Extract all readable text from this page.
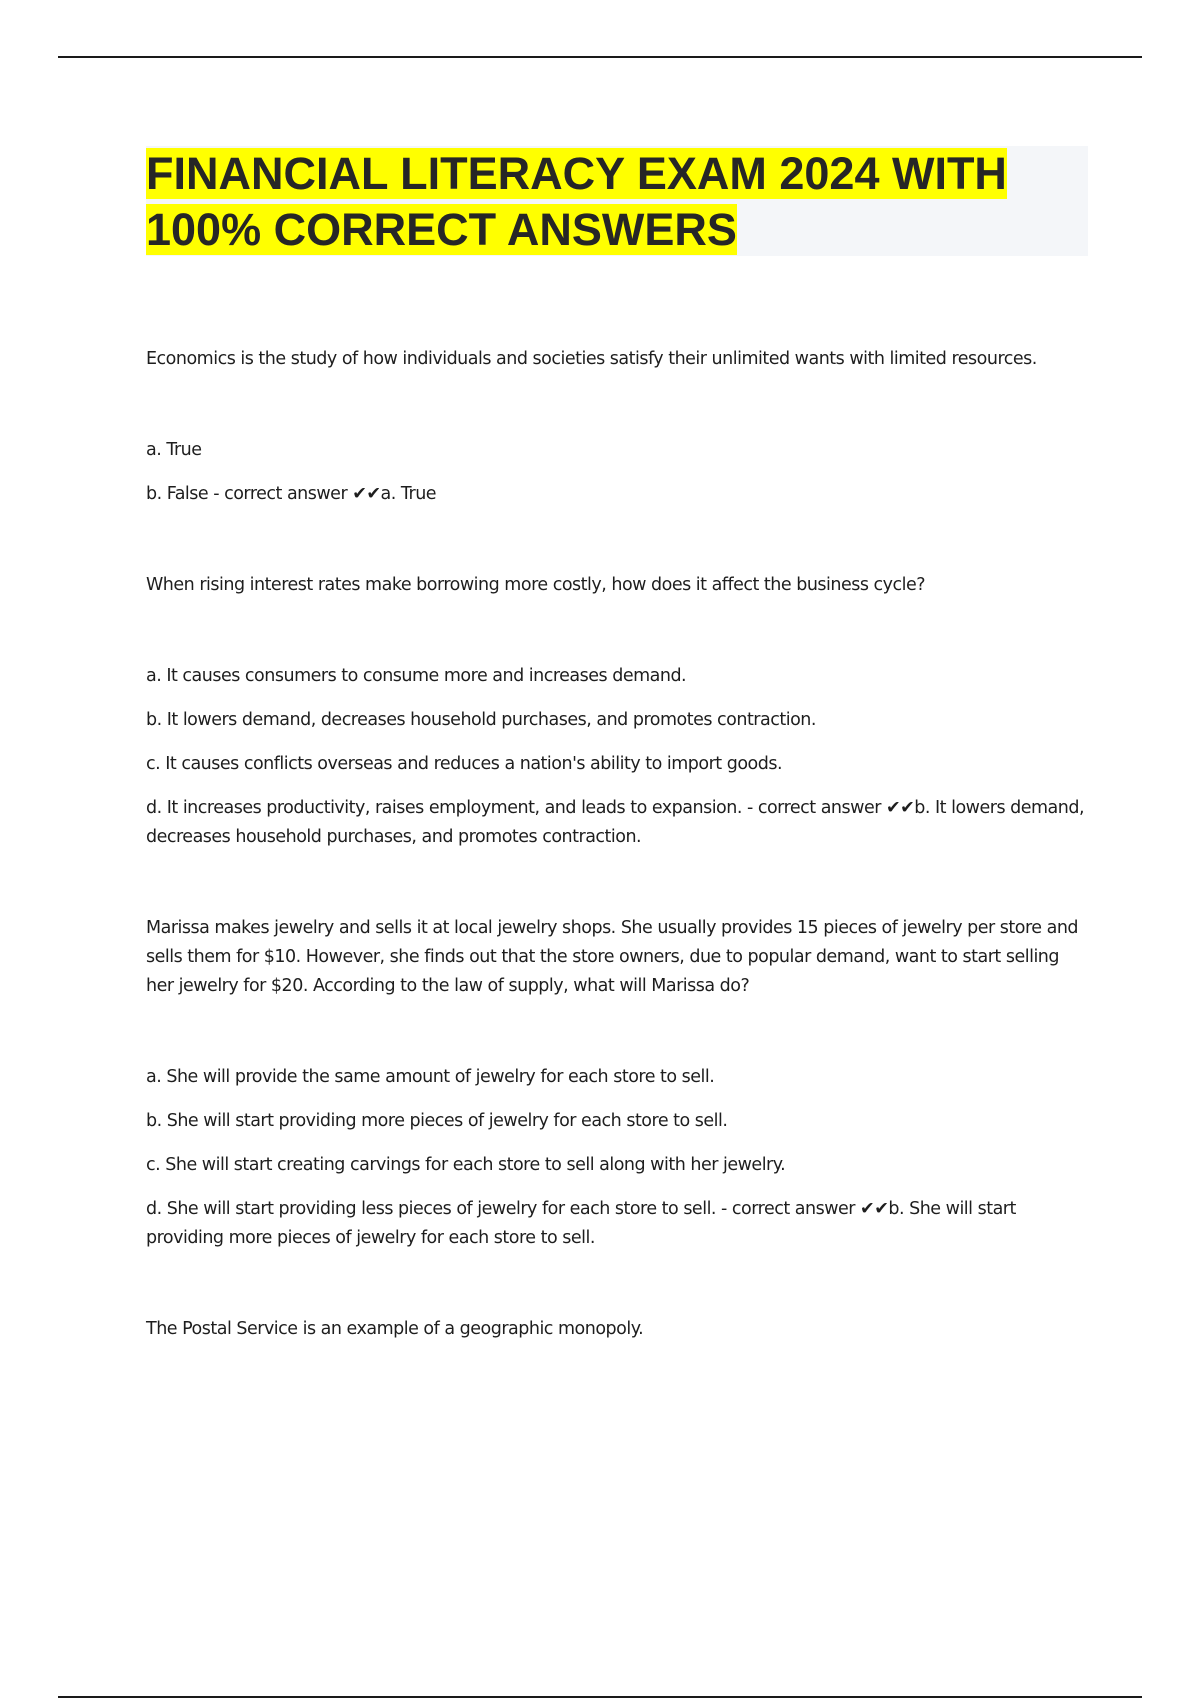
FINANCIAL LITERACY EXAM 2024 WITH
100% CORRECT ANSWERS

Economics is the study of how individuals and societies satisfy their unlimited wants with limited resources.

a. True

b. False - correct answer ✔✔a. True

When rising interest rates make borrowing more costly, how does it affect the business cycle?

a. It causes consumers to consume more and increases demand.

b. It lowers demand, decreases household purchases, and promotes contraction.

c. It causes conflicts overseas and reduces a nation's ability to import goods.

d. It increases productivity, raises employment, and leads to expansion. - correct answer ✔✔b. It lowers demand, decreases household purchases, and promotes contraction.

Marissa makes jewelry and sells it at local jewelry shops. She usually provides 15 pieces of jewelry per store and sells them for $10. However, she finds out that the store owners, due to popular demand, want to start selling her jewelry for $20. According to the law of supply, what will Marissa do?

a. She will provide the same amount of jewelry for each store to sell.

b. She will start providing more pieces of jewelry for each store to sell.

c. She will start creating carvings for each store to sell along with her jewelry.

d. She will start providing less pieces of jewelry for each store to sell. - correct answer ✔✔b. She will start providing more pieces of jewelry for each store to sell.

The Postal Service is an example of a geographic monopoly.
